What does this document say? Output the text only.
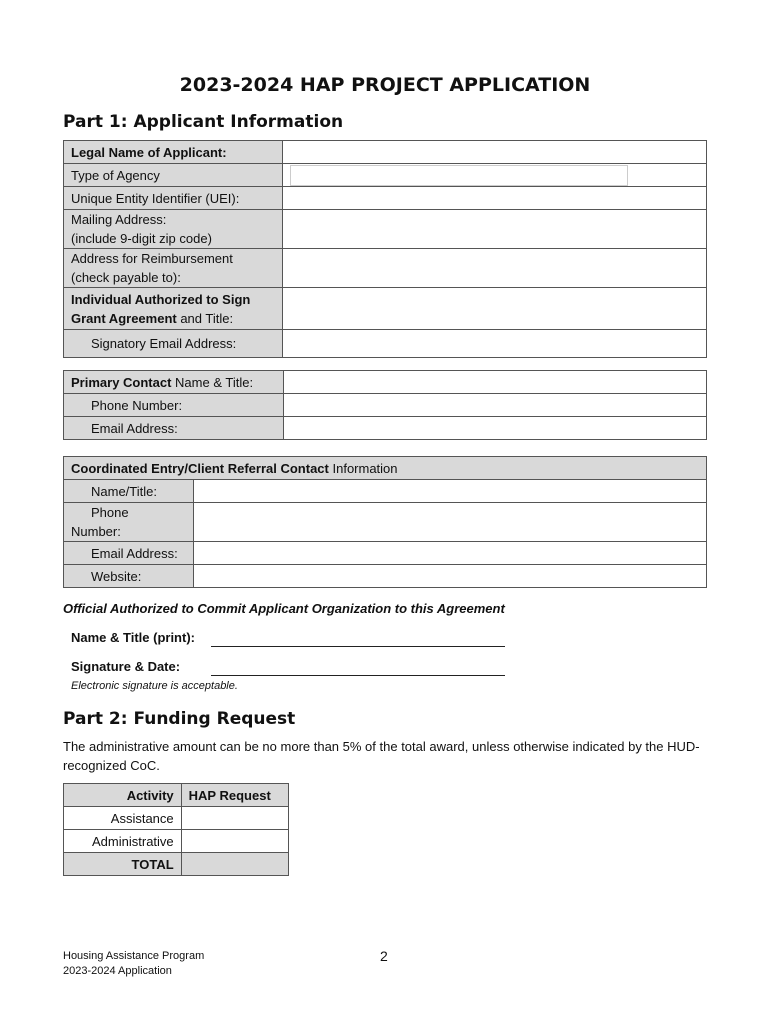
2023-2024 HAP PROJECT APPLICATION
Part 1: Applicant Information
Legal Name of Applicant:	
Type of Agency	
Unique Entity Identifier (UEI):	

Mailing Address:
(include 9-digit zip code)	

Address for Reimbursement
(check payable to):	

Individual Authorized to Sign
Grant Agreement and Title:	

Signatory Email Address:	
Primary Contact Name & Title:	
Phone Number:	
Email Address:	
Coordinated Entry/Client Referral Contact Information	
Name/Title:	

Phone
Number:	

Email Address:	
Website:	
Official Authorized to Commit Applicant Organization to this Agreement
Name & Title (print):
Signature & Date:
Electronic signature is acceptable.
Part 2: Funding Request
The administrative amount can be no more than 5% of the total award, unless otherwise indicated by the HUD-recognized CoC.
Activity	HAP Request
Assistance	
Administrative	
TOTAL	
Housing Assistance Program
2023-2024 Application
2
